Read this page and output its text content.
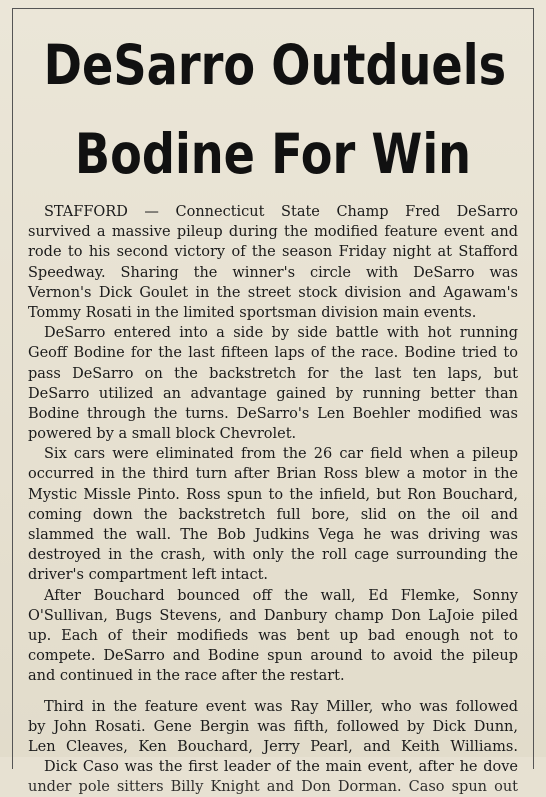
DeSarro Outduels
Bodine For Win
STAFFORD — Connecticut State Champ Fred DeSarro
survived a massive pileup during the modified feature event and
rode to his second victory of the season Friday night at Stafford
Speedway. Sharing the winner's circle with DeSarro was
Vernon's Dick Goulet in the street stock division and Agawam's
Tommy Rosati in the limited sportsman division main events.
DeSarro entered into a side by side battle with hot running
Geoff Bodine for the last fifteen laps of the race. Bodine tried to
pass DeSarro on the backstretch for the last ten laps, but
DeSarro utilized an advantage gained by running better than
Bodine through the turns. DeSarro's Len Boehler modified was
powered by a small block Chevrolet.
Six cars were eliminated from the 26 car field when a pileup
occurred in the third turn after Brian Ross blew a motor in the
Mystic Missle Pinto. Ross spun to the infield, but Ron Bouchard,
coming down the backstretch full bore, slid on the oil and
slammed the wall. The Bob Judkins Vega he was driving was
destroyed in the crash, with only the roll cage surrounding the
driver's compartment left intact.
After Bouchard bounced off the wall, Ed Flemke, Sonny
O'Sullivan, Bugs Stevens, and Danbury champ Don LaJoie piled
up. Each of their modifieds was bent up bad enough not to
compete. DeSarro and Bodine spun around to avoid the pileup
and continued in the race after the restart.
Third in the feature event was Ray Miller, who was followed
by John Rosati. Gene Bergin was fifth, followed by Dick Dunn,
Len Cleaves, Ken Bouchard, Jerry Pearl, and Keith Williams.
Dick Caso was the first leader of the main event, after he dove
under pole sitters Billy Knight and Don Dorman. Caso spun out
